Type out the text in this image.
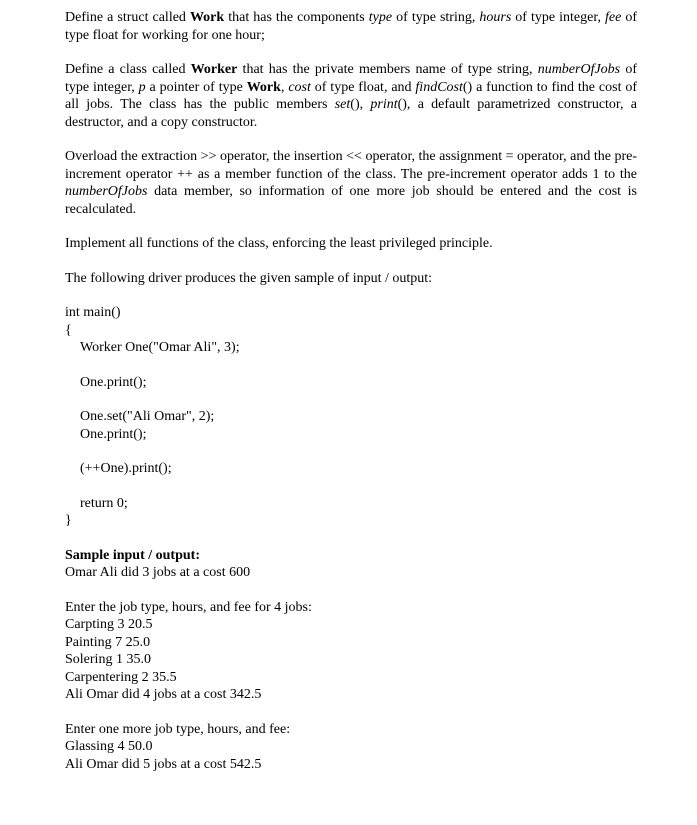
Define a struct called Work that has the components type of type string, hours of type integer, fee of type float for working for one hour;

Define a class called Worker that has the private members name of type string, numberOfJobs of type integer, p a pointer of type Work, cost of type float, and findCost() a function to find the cost of all jobs. The class has the public members set(), print(), a default parametrized constructor, a destructor, and a copy constructor.

Overload the extraction >> operator, the insertion << operator, the assignment = operator, and the pre-increment operator ++ as a member function of the class. The pre-increment operator adds 1 to the numberOfJobs data member, so information of one more job should be entered and the cost is recalculated.

Implement all functions of the class, enforcing the least privileged principle.

The following driver produces the given sample of input / output:

int main()

{

Worker One("Omar Ali", 3);

One.print();

One.set("Ali Omar", 2);

One.print();

(++One).print();

return 0;

}

Sample input / output:

Omar Ali did 3 jobs at a cost 600

Enter the job type, hours, and fee for 4 jobs:

Carpting 3 20.5

Painting 7 25.0

Solering 1 35.0

Carpentering 2 35.5

Ali Omar did 4 jobs at a cost 342.5

Enter one more job type, hours, and fee:

Glassing 4 50.0

Ali Omar did 5 jobs at a cost 542.5
